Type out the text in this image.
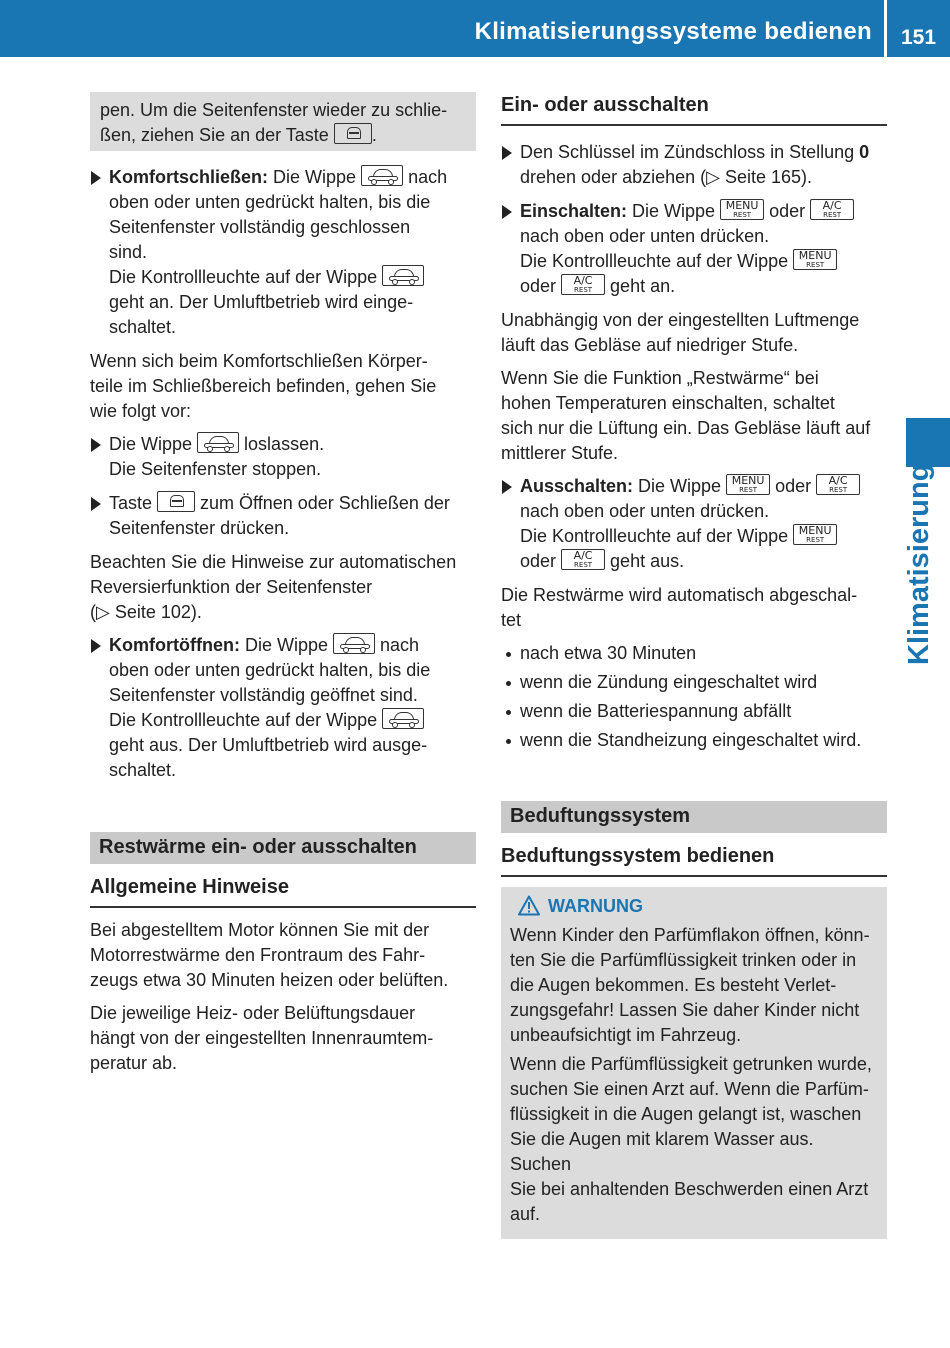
Klimatisierungssysteme bedienen	151
Klimatisierung
pen. Um die Seitenfenster wieder zu schlie-
ßen, ziehen Sie an der Taste .
Komfortschließen: Die Wippe	nach
oben oder unten gedrückt halten, bis die
Seitenfenster vollständig geschlossen
sind.
Die Kontrollleuchte auf der Wippe
geht an. Der Umluftbetrieb wird einge-
schaltet.
Wenn sich beim Komfortschließen Körper-
teile im Schließbereich befinden, gehen Sie
wie folgt vor:
Die Wippe	loslassen.
Die Seitenfenster stoppen.
Taste
zum Öffnen oder Schließen der
Seitenfenster drücken.
Beachten Sie die Hinweise zur automatischen
Reversierfunktion der Seitenfenster
(▷ Seite 102).
Komfortöffnen: Die Wippe	nach
oben oder unten gedrückt halten, bis die
Seitenfenster vollständig geöffnet sind.
Die Kontrollleuchte auf der Wippe
geht aus. Der Umluftbetrieb wird ausge-
schaltet.
Restwärme ein- oder ausschalten
Allgemeine Hinweise
Bei abgestelltem Motor können Sie mit der
Motorrestwärme den Frontraum des Fahr-
zeugs etwa 30 Minuten heizen oder belüften.
Die jeweilige Heiz- oder Belüftungsdauer
hängt von der eingestellten Innenraumtem-
peratur ab.
Ein- oder ausschalten
Den Schlüssel im Zündschloss in Stellung 0
drehen oder abziehen (▷ Seite 165).
Einschalten: Die Wippe MENU
REST oder	A/C
REST
nach oben oder unten drücken.
Die Kontrollleuchte auf der Wippe MENU
REST
oder	A/C
REST geht an.
Unabhängig von der eingestellten Luftmenge
läuft das Gebläse auf niedriger Stufe.
Wenn Sie die Funktion „Restwärme“ bei
hohen Temperaturen einschalten, schaltet
sich nur die Lüftung ein. Das Gebläse läuft auf
mittlerer Stufe.
Ausschalten: Die Wippe MENU
REST oder	A/C
REST
nach oben oder unten drücken.
Die Kontrollleuchte auf der Wippe MENU
REST
oder	A/C
REST geht aus.
Die Restwärme wird automatisch abgeschal-
tet
nach etwa 30 Minuten
wenn die Zündung eingeschaltet wird
wenn die Batteriespannung abfällt
wenn die Standheizung eingeschaltet wird.
Beduftungssystem
Beduftungssystem bedienen
WARNUNG
Wenn Kinder den Parfümflakon öffnen, könn-
ten Sie die Parfümflüssigkeit trinken oder in
die Augen bekommen. Es besteht Verlet-
zungsgefahr! Lassen Sie daher Kinder nicht
unbeaufsichtigt im Fahrzeug.
Wenn die Parfümflüssigkeit getrunken wurde,
suchen Sie einen Arzt auf. Wenn die Parfüm-
flüssigkeit in die Augen gelangt ist, waschen
Sie die Augen mit klarem Wasser aus. Suchen
Sie bei anhaltenden Beschwerden einen Arzt
auf.
